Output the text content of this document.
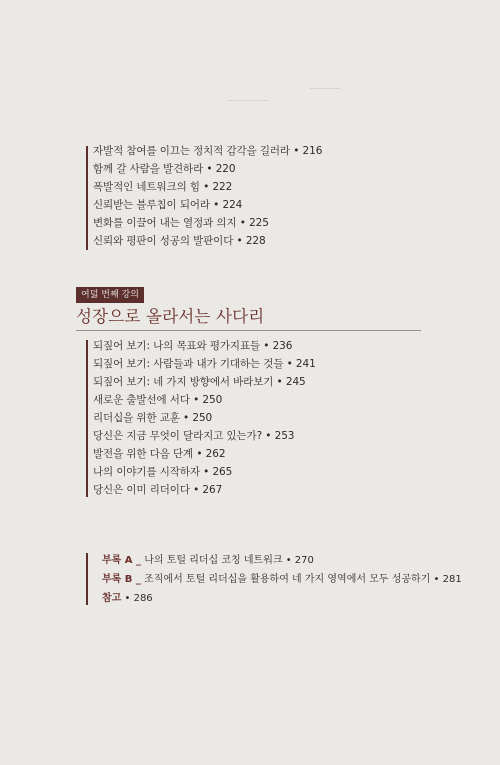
자발적 참여를 이끄는 정치적 감각을 길러라 • 216
함께 갈 사람을 발견하라 • 220
폭발적인 네트워크의 힘 • 222
신뢰받는 블루칩이 되어라 • 224
변화를 이끌어 내는 열정과 의지 • 225
신뢰와 평판이 성공의 발판이다 • 228
여덟 번째 강의
성장으로 올라서는 사다리
되짚어 보기: 나의 목표와 평가지표들 • 236
되짚어 보기: 사람들과 내가 기대하는 것들 • 241
되짚어 보기: 네 가지 방향에서 바라보기 • 245
새로운 출발선에 서다 • 250
리더십을 위한 교훈 • 250
당신은 지금 무엇이 달라지고 있는가? • 253
발전을 위한 다음 단계 • 262
나의 이야기를 시작하자 • 265
당신은 이미 리더이다 • 267
부록 A _ 나의 토털 리더십 코칭 네트워크 • 270
부록 B _ 조직에서 토털 리더십을 활용하여 네 가지 영역에서 모두 성공하기 • 281
참고 • 286
